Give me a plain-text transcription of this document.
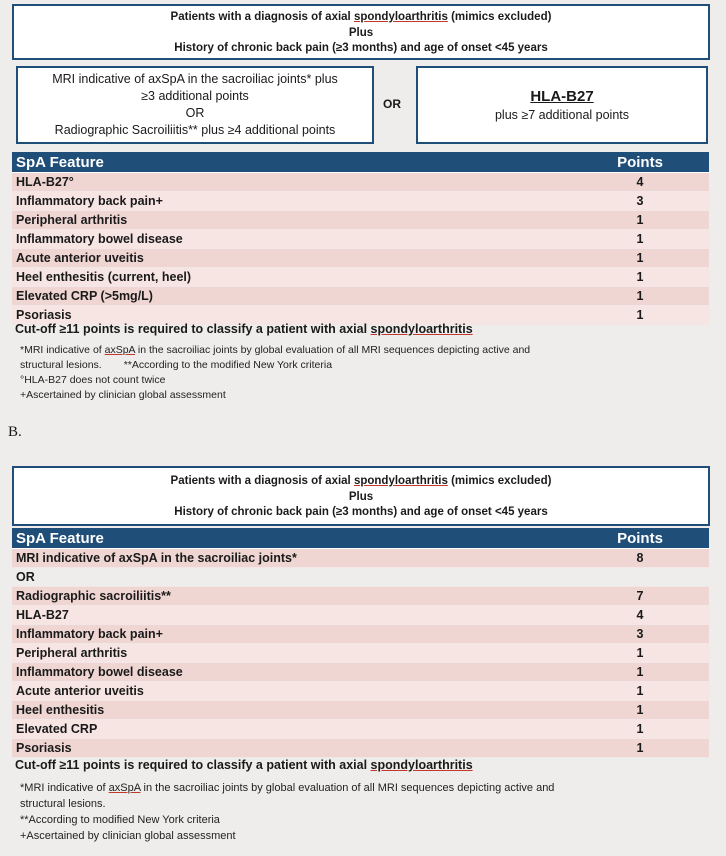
Patients with a diagnosis of axial spondyloarthritis (mimics excluded)
Plus
History of chronic back pain (≥3 months) and age of onset <45 years
MRI indicative of axSpA in the sacroiliac joints* plus
≥3 additional points
OR
Radiographic Sacroiliitis** plus ≥4 additional points
OR	HLA-B27
plus ≥7 additional points
SpA Feature	Points
HLA-B27°	4
Inflammatory back pain+	3
Peripheral arthritis	1
Inflammatory bowel disease	1
Acute anterior uveitis	1
Heel enthesitis (current, heel)	1
Elevated CRP (>5mg/L)	1
Psoriasis	1
Cut-off ≥11 points is required to classify a patient with axial spondyloarthritis
*MRI indicative of axSpA in the sacroiliac joints by global evaluation of all MRI sequences depicting active and
structural lesions. **According to the modified New York criteria
°HLA-B27 does not count twice
+Ascertained by clinician global assessment
B.
Patients with a diagnosis of axial spondyloarthritis (mimics excluded)
Plus
History of chronic back pain (≥3 months) and age of onset <45 years
SpA Feature	Points
MRI indicative of axSpA in the sacroiliac joints*	8
OR	
Radiographic sacroiliitis**	7
HLA-B27	4
Inflammatory back pain+	3
Peripheral arthritis	1
Inflammatory bowel disease	1
Acute anterior uveitis	1
Heel enthesitis	1
Elevated CRP	1
Psoriasis	1
Cut-off ≥11 points is required to classify a patient with axial spondyloarthritis
*MRI indicative of axSpA in the sacroiliac joints by global evaluation of all MRI sequences depicting active and
structural lesions.
**According to modified New York criteria
+Ascertained by clinician global assessment
